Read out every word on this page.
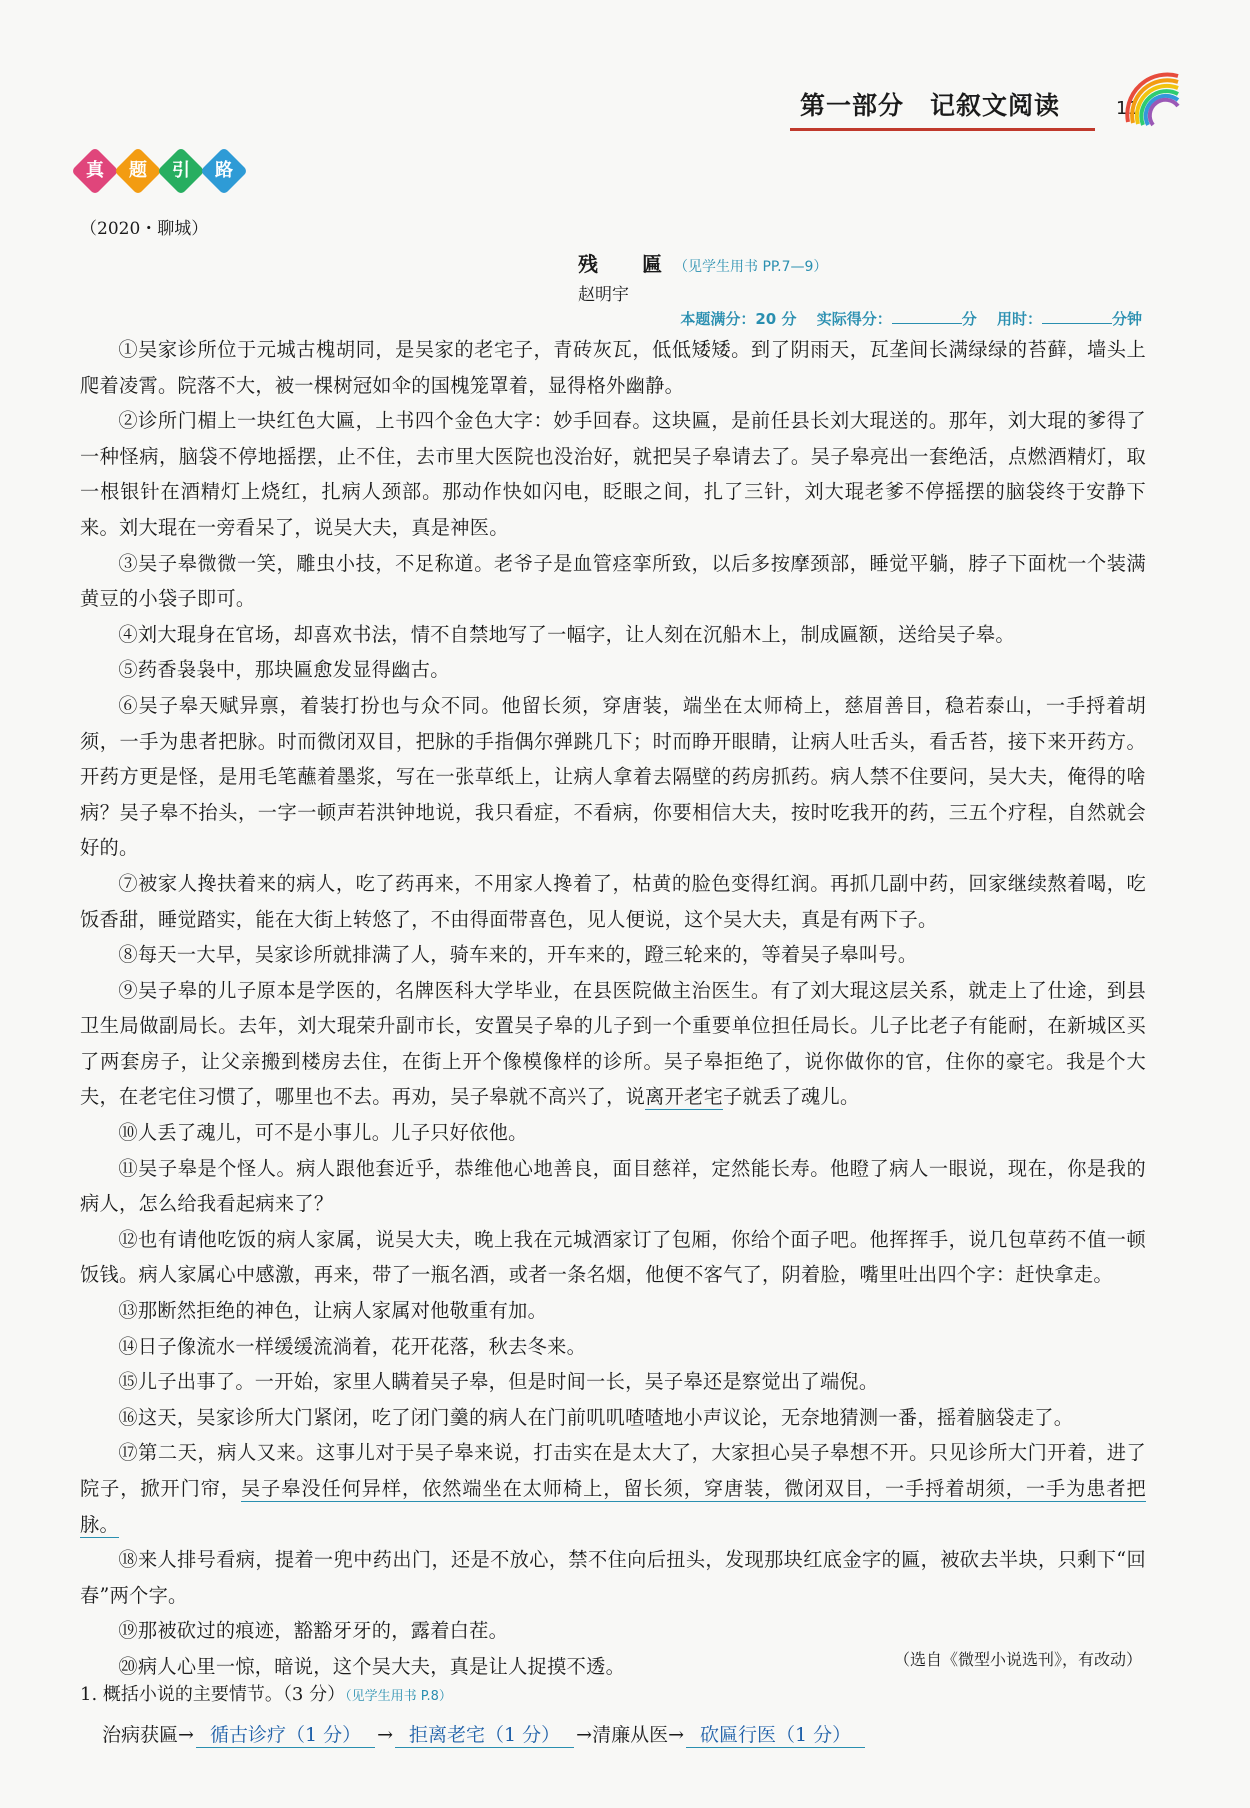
第一部分　记叙文阅读	11
真
	题
	引
	路
（2020・聊城）
残　匾（见学生用书 PP.7—9）
赵明宇
本题满分：20 分 　 实际得分：	分 　 用时：	分钟

①吴家诊所位于元城古槐胡同，是吴家的老宅子，青砖灰瓦，低低矮矮。到了阴雨天，瓦垄间长满绿绿的苔藓，墙头上爬着凌霄。院落不大，被一棵树冠如伞的国槐笼罩着，显得格外幽静。

②诊所门楣上一块红色大匾，上书四个金色大字：妙手回春。这块匾，是前任县长刘大琨送的。那年，刘大琨的爹得了一种怪病，脑袋不停地摇摆，止不住，去市里大医院也没治好，就把吴子皋请去了。吴子皋亮出一套绝活，点燃酒精灯，取一根银针在酒精灯上烧红，扎病人颈部。那动作快如闪电，眨眼之间，扎了三针，刘大琨老爹不停摇摆的脑袋终于安静下来。刘大琨在一旁看呆了，说吴大夫，真是神医。

③吴子皋微微一笑，雕虫小技，不足称道。老爷子是血管痉挛所致，以后多按摩颈部，睡觉平躺，脖子下面枕一个装满黄豆的小袋子即可。

④刘大琨身在官场，却喜欢书法，情不自禁地写了一幅字，让人刻在沉船木上，制成匾额，送给吴子皋。

⑤药香袅袅中，那块匾愈发显得幽古。

⑥吴子皋天赋异禀，着装打扮也与众不同。他留长须，穿唐装，端坐在太师椅上，慈眉善目，稳若泰山，一手捋着胡须，一手为患者把脉。时而微闭双目，把脉的手指偶尔弹跳几下；时而睁开眼睛，让病人吐舌头，看舌苔，接下来开药方。开药方更是怪，是用毛笔蘸着墨浆，写在一张草纸上，让病人拿着去隔壁的药房抓药。病人禁不住要问，吴大夫，俺得的啥病？吴子皋不抬头，一字一顿声若洪钟地说，我只看症，不看病，你要相信大夫，按时吃我开的药，三五个疗程，自然就会好的。

⑦被家人搀扶着来的病人，吃了药再来，不用家人搀着了，枯黄的脸色变得红润。再抓几副中药，回家继续熬着喝，吃饭香甜，睡觉踏实，能在大街上转悠了，不由得面带喜色，见人便说，这个吴大夫，真是有两下子。

⑧每天一大早，吴家诊所就排满了人，骑车来的，开车来的，蹬三轮来的，等着吴子皋叫号。

⑨吴子皋的儿子原本是学医的，名牌医科大学毕业，在县医院做主治医生。有了刘大琨这层关系，就走上了仕途，到县卫生局做副局长。去年，刘大琨荣升副市长，安置吴子皋的儿子到一个重要单位担任局长。儿子比老子有能耐，在新城区买了两套房子，让父亲搬到楼房去住，在街上开个像模像样的诊所。吴子皋拒绝了，说你做你的官，住你的豪宅。我是个大夫，在老宅住习惯了，哪里也不去。再劝，吴子皋就不高兴了，说离开老宅子就丢了魂儿。

⑩人丢了魂儿，可不是小事儿。儿子只好依他。

⑪吴子皋是个怪人。病人跟他套近乎，恭维他心地善良，面目慈祥，定然能长寿。他瞪了病人一眼说，现在，你是我的病人，怎么给我看起病来了？

⑫也有请他吃饭的病人家属，说吴大夫，晚上我在元城酒家订了包厢，你给个面子吧。他挥挥手，说几包草药不值一顿饭钱。病人家属心中感激，再来，带了一瓶名酒，或者一条名烟，他便不客气了，阴着脸，嘴里吐出四个字：赶快拿走。

⑬那断然拒绝的神色，让病人家属对他敬重有加。

⑭日子像流水一样缓缓流淌着，花开花落，秋去冬来。

⑮儿子出事了。一开始，家里人瞒着吴子皋，但是时间一长，吴子皋还是察觉出了端倪。

⑯这天，吴家诊所大门紧闭，吃了闭门羹的病人在门前叽叽喳喳地小声议论，无奈地猜测一番，摇着脑袋走了。

⑰第二天，病人又来。这事儿对于吴子皋来说，打击实在是太大了，大家担心吴子皋想不开。只见诊所大门开着，进了院子，掀开门帘，吴子皋没任何异样，依然端坐在太师椅上，留长须，穿唐装，微闭双目，一手捋着胡须，一手为患者把脉。

⑱来人排号看病，提着一兜中药出门，还是不放心，禁不住向后扭头，发现那块红底金字的匾，被砍去半块，只剩下“回春”两个字。

⑲那被砍过的痕迹，豁豁牙牙的，露着白茬。

⑳病人心里一惊，暗说，这个吴大夫，真是让人捉摸不透。	（选自《微型小说选刊》，有改动）
1. 概括小说的主要情节。（3 分）（见学生用书 P.8）
治病获匾→ 循古诊疗（1 分） → 拒离老宅（1 分） →清廉从医→ 砍匾行医（1 分）
